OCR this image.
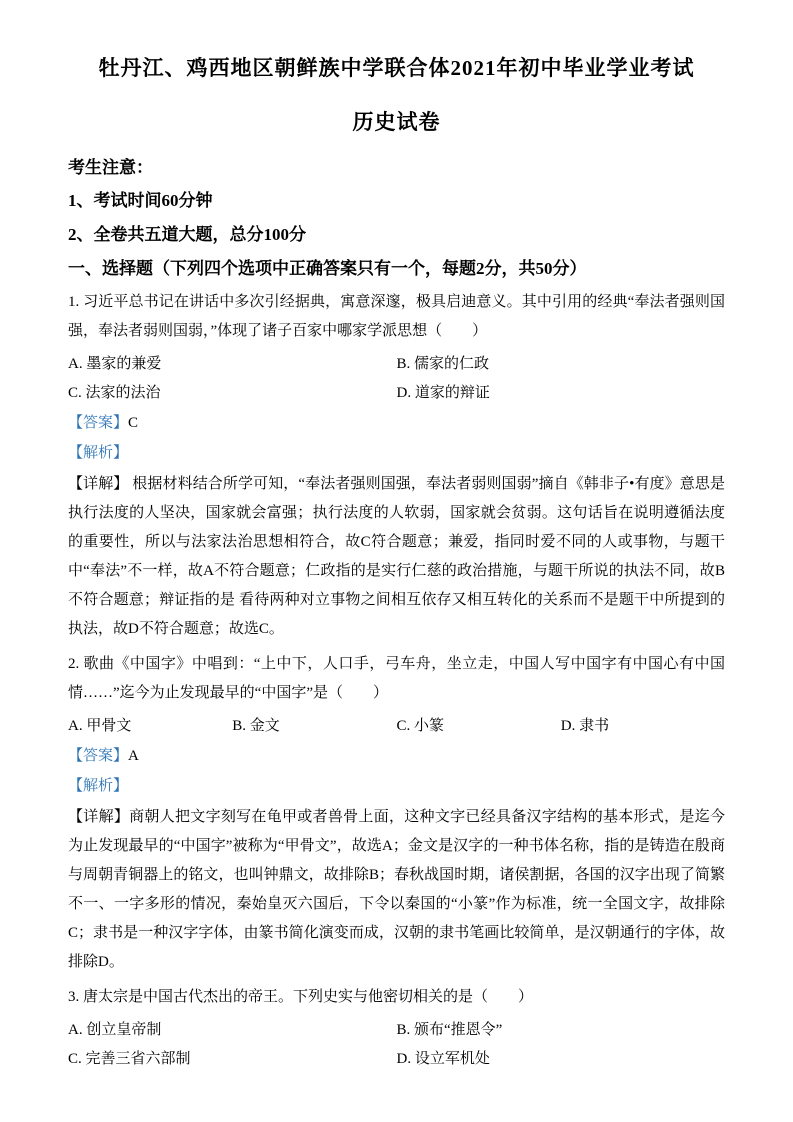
牡丹江、鸡西地区朝鲜族中学联合体2021年初中毕业学业考试
历史试卷
考生注意：
1、考试时间60分钟
2、全卷共五道大题，总分100分
一、选择题（下列四个选项中正确答案只有一个，每题2分，共50分）
1. 习近平总书记在讲话中多次引经据典，寓意深邃，极具启迪意义。其中引用的经典“奉法者强则国强，奉法者弱则国弱，”体现了诸子百家中哪家学派思想（　　）
A. 墨家的兼爱	B. 儒家的仁政
C. 法家的法治	D. 道家的辩证
【答案】C
【解析】
【详解】 根据材料结合所学可知，“奉法者强则国强，奉法者弱则国弱”摘自《韩非子•有度》意思是执行法度的人坚决，国家就会富强；执行法度的人软弱，国家就会贫弱。这句话旨在说明遵循法度的重要性，所以与法家法治思想相符合，故C符合题意；兼爱，指同时爱不同的人或事物，与题干中“奉法”不一样，故A不符合题意；仁政指的是实行仁慈的政治措施，与题干所说的执法不同，故B不符合题意；辩证指的是 看待两种对立事物之间相互依存又相互转化的关系而不是题干中所提到的执法，故D不符合题意；故选C。
2. 歌曲《中国字》中唱到：“上中下，人口手，弓车舟，坐立走，中国人写中国字有中国心有中国情……”迄今为止发现最早的“中国字”是（　　）
A. 甲骨文	B. 金文	C. 小篆	D. 隶书
【答案】A
【解析】
【详解】商朝人把文字刻写在龟甲或者兽骨上面，这种文字已经具备汉字结构的基本形式，是迄今为止发现最早的“中国字”被称为“甲骨文”，故选A；金文是汉字的一种书体名称，指的是铸造在殷商与周朝青铜器上的铭文，也叫钟鼎文，故排除B；春秋战国时期，诸侯割据，各国的汉字出现了简繁不一、一字多形的情况，秦始皇灭六国后，下令以秦国的“小篆”作为标准，统一全国文字，故排除C；隶书是一种汉字字体，由篆书简化演变而成，汉朝的隶书笔画比较简单，是汉朝通行的字体，故排除D。
3. 唐太宗是中国古代杰出的帝王。下列史实与他密切相关的是（　　）
A. 创立皇帝制	B. 颁布“推恩令”
C. 完善三省六部制	D. 设立军机处
